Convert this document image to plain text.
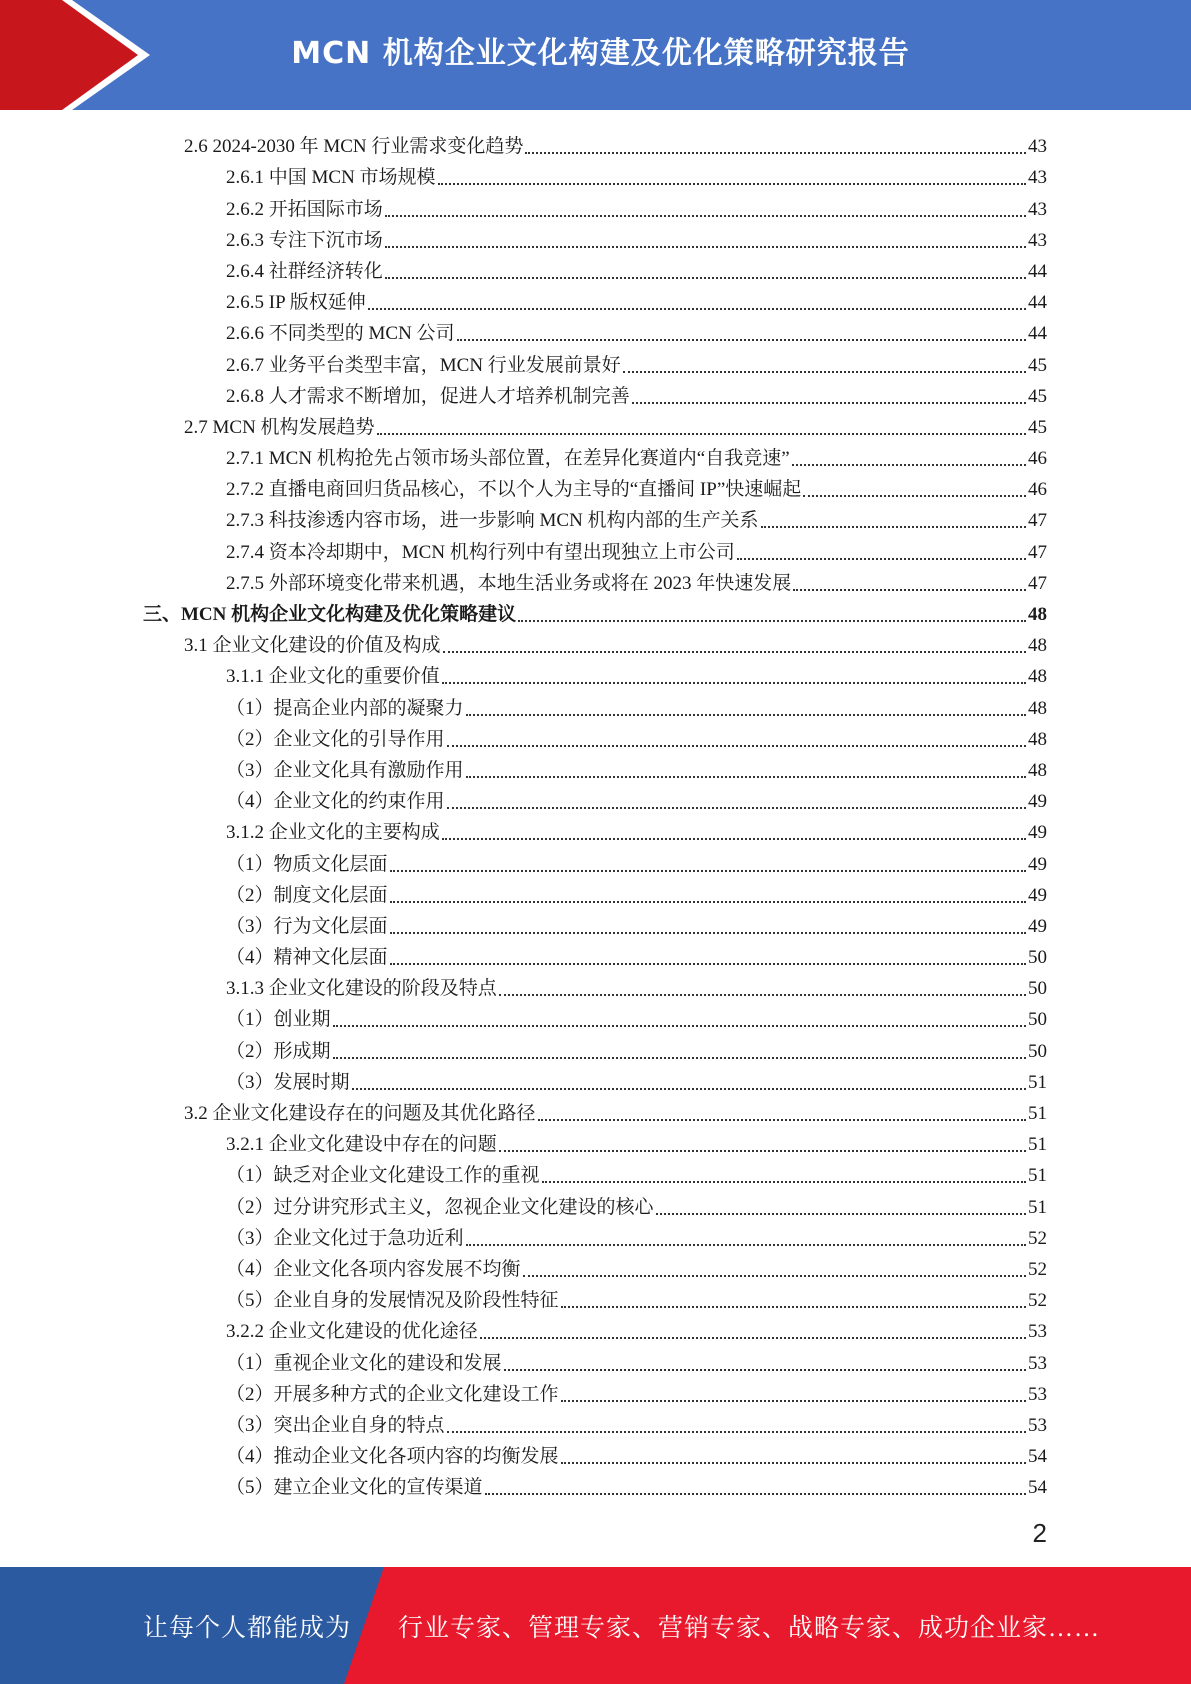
MCN 机构企业文化构建及优化策略研究报告
2.6 2024-2030 年 MCN 行业需求变化趋势	43
2.6.1 中国 MCN 市场规模	43
2.6.2 开拓国际市场	43
2.6.3 专注下沉市场	43
2.6.4 社群经济转化	44
2.6.5 IP 版权延伸	44
2.6.6 不同类型的 MCN 公司	44
2.6.7 业务平台类型丰富，MCN 行业发展前景好	45
2.6.8 人才需求不断增加，促进人才培养机制完善	45
2.7 MCN 机构发展趋势	45
2.7.1 MCN 机构抢先占领市场头部位置，在差异化赛道内“自我竞速”	46
2.7.2 直播电商回归货品核心，不以个人为主导的“直播间 IP”快速崛起	46
2.7.3 科技渗透内容市场，进一步影响 MCN 机构内部的生产关系	47
2.7.4 资本冷却期中，MCN 机构行列中有望出现独立上市公司	47
2.7.5 外部环境变化带来机遇，本地生活业务或将在 2023 年快速发展	47
三、MCN 机构企业文化构建及优化策略建议	48
3.1 企业文化建设的价值及构成	48
3.1.1 企业文化的重要价值	48
（1）提高企业内部的凝聚力	48
（2）企业文化的引导作用	48
（3）企业文化具有激励作用	48
（4）企业文化的约束作用	49
3.1.2 企业文化的主要构成	49
（1）物质文化层面	49
（2）制度文化层面	49
（3）行为文化层面	49
（4）精神文化层面	50
3.1.3 企业文化建设的阶段及特点	50
（1）创业期	50
（2）形成期	50
（3）发展时期	51
3.2 企业文化建设存在的问题及其优化路径	51
3.2.1 企业文化建设中存在的问题	51
（1）缺乏对企业文化建设工作的重视	51
（2）过分讲究形式主义，忽视企业文化建设的核心	51
（3）企业文化过于急功近利	52
（4）企业文化各项内容发展不均衡	52
（5）企业自身的发展情况及阶段性特征	52
3.2.2 企业文化建设的优化途径	53
（1）重视企业文化的建设和发展	53
（2）开展多种方式的企业文化建设工作	53
（3）突出企业自身的特点	53
（4）推动企业文化各项内容的均衡发展	54
（5）建立企业文化的宣传渠道	54
2
让每个人都能成为 行业专家、管理专家、营销专家、战略专家、成功企业家……
